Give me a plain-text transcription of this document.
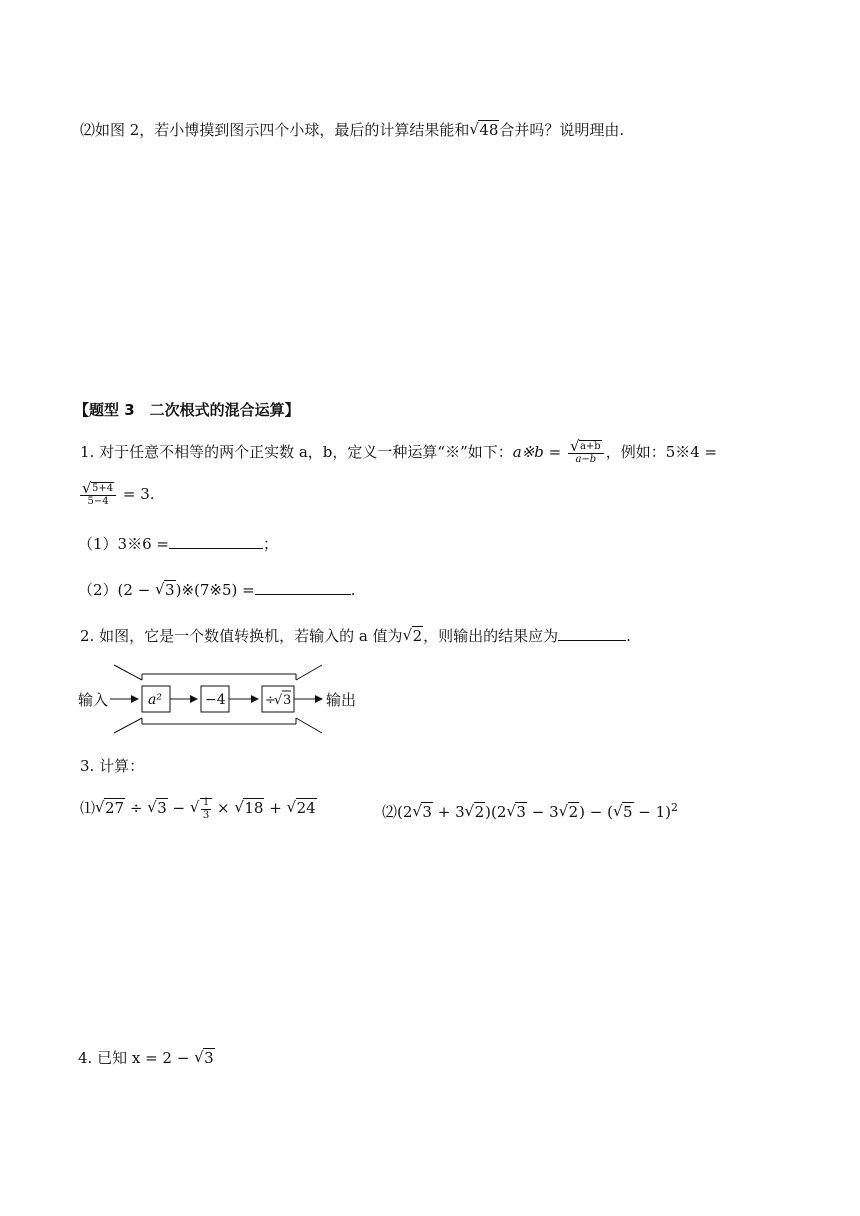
⑵如图 2，若小博摸到图示四个小球，最后的计算结果能和 √ 48合并吗？说明理由.
【题型 3　二次根式的混合运算】
1. 对于任意不相等的两个正实数 a，b，定义一种运算“※”如下：a※b = √ $\frac{a+b}{a-b}$ ，例如：5※4 =
√ $\frac{5+4}{5-4} = 3$.
（1）3※6 =	；
（2）(2 − √ 3)※(7※5) =	.
2. 如图，它是一个数值转换机，若输入的 a 值为 √ 2，则输出的结果应为	.
输入	a²	−4	÷
√ 3 输出
3. 计算：
⑴ √ 27 ÷ √ 3 − √ $\frac{1}{3}$ × √ 18 + √ 24	⑵(2 √ 3 + 3 √ 2)(2 √ 3 − 3 √ 2) − ( √ 5 − 1)$^2$
4. 已知 x = 2 − √ 3
